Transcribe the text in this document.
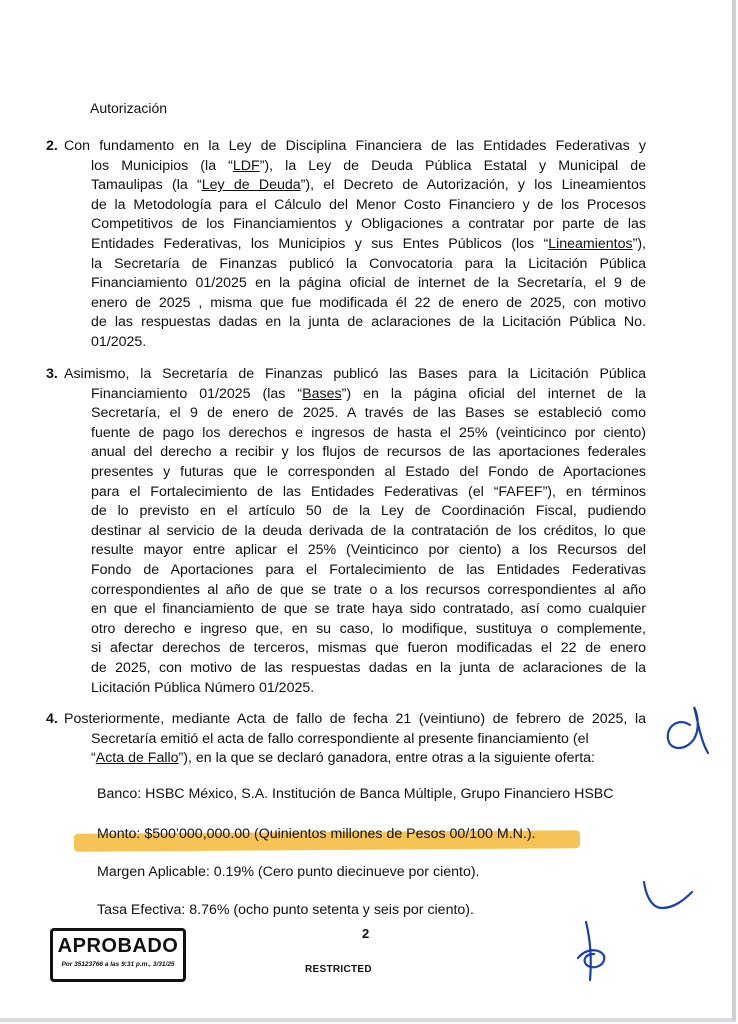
Autorización
2. Con fundamento en la Ley de Disciplina Financiera de las Entidades Federativas y
los Municipios (la “LDF”), la Ley de Deuda Pública Estatal y Municipal de
Tamaulipas (la “Ley de Deuda”), el Decreto de Autorización, y los Lineamientos
de la Metodología para el Cálculo del Menor Costo Financiero y de los Procesos
Competitivos de los Financiamientos y Obligaciones a contratar por parte de las
Entidades Federativas, los Municipios y sus Entes Públicos (los “Lineamientos”),
la Secretaría de Finanzas publicó la Convocatoria para la Licitación Pública
Financiamiento 01/2025 en la página oficial de internet de la Secretaría, el 9 de
enero de 2025 , misma que fue modificada él 22 de enero de 2025, con motivo
de las respuestas dadas en la junta de aclaraciones de la Licitación Pública No.
01/2025.
3. Asimismo, la Secretaría de Finanzas publicó las Bases para la Licitación Pública
Financiamiento 01/2025 (las “Bases”) en la página oficial del internet de la
Secretaría, el 9 de enero de 2025. A través de las Bases se estableció como
fuente de pago los derechos e ingresos de hasta el 25% (veinticinco por ciento)
anual del derecho a recibir y los flujos de recursos de las aportaciones federales
presentes y futuras que le corresponden al Estado del Fondo de Aportaciones
para el Fortalecimiento de las Entidades Federativas (el “FAFEF”), en términos
de lo previsto en el artículo 50 de la Ley de Coordinación Fiscal, pudiendo
destinar al servicio de la deuda derivada de la contratación de los créditos, lo que
resulte mayor entre aplicar el 25% (Veinticinco por ciento) a los Recursos del
Fondo de Aportaciones para el Fortalecimiento de las Entidades Federativas
correspondientes al año de que se trate o a los recursos correspondientes al año
en que el financiamiento de que se trate haya sido contratado, así como cualquier
otro derecho e ingreso que, en su caso, lo modifique, sustituya o complemente,
si afectar derechos de terceros, mismas que fueron modificadas el 22 de enero
de 2025, con motivo de las respuestas dadas en la junta de aclaraciones de la
Licitación Pública Número 01/2025.
4. Posteriormente, mediante Acta de fallo de fecha 21 (veintiuno) de febrero de 2025, la
Secretaría emitió el acta de fallo correspondiente al presente financiamiento (el
“Acta de Fallo”), en la que se declaró ganadora, entre otras a la siguiente oferta:
Banco: HSBC México, S.A. Institución de Banca Múltiple, Grupo Financiero HSBC
Monto: $500’000,000.00 (Quinientos millones de Pesos 00/100 M.N.).
Margen Aplicable: 0.19% (Cero punto diecinueve por ciento).
Tasa Efectiva: 8.76% (ocho punto setenta y seis por ciento).
APROBADO
Por 35123766 a las 9:31 p.m., 3/31/25
2
RESTRICTED
